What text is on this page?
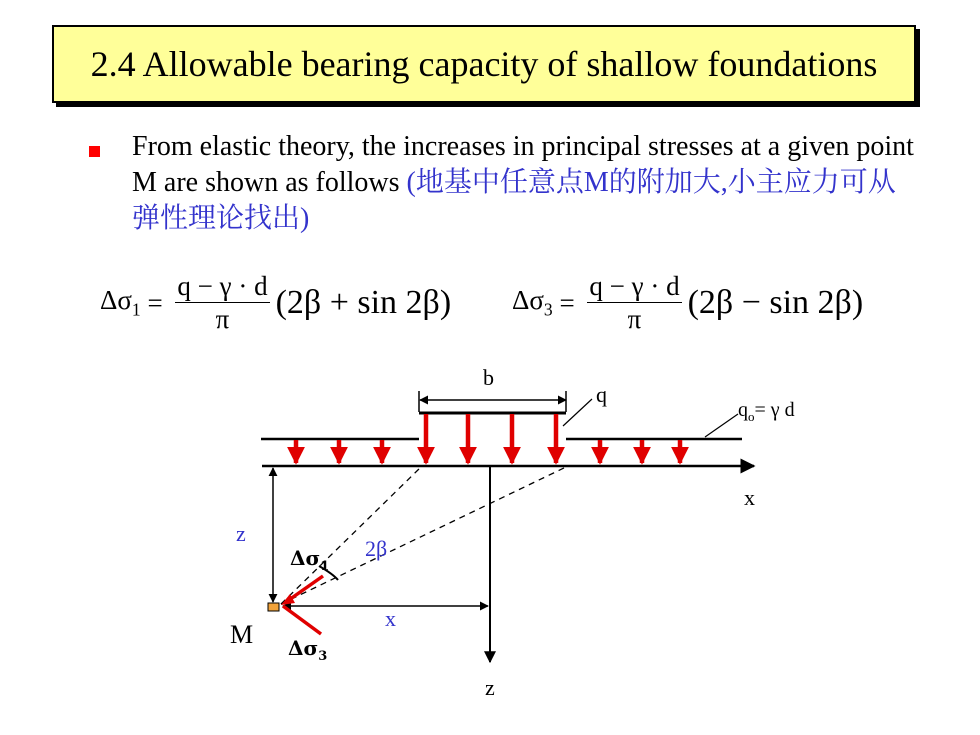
2.4 Allowable bearing capacity of shallow foundations
From elastic theory, the increases in principal stresses at a given point M are shown as follows (地基中任意点M的附加大,小主应力可从弹性理论找出)
$\Delta\sigma_1 = \frac{q - \gamma \cdot d}{\pi} (2\beta + \sin 2\beta) \Delta\sigma_3 = \frac{q - \gamma \cdot d}{\pi} (2\beta - \sin 2\beta)$
b
q
$q_o= \gamma$ d
x
z
2β
$\Delta\sigma_1$
M
x
$\Delta\sigma_3$
z
